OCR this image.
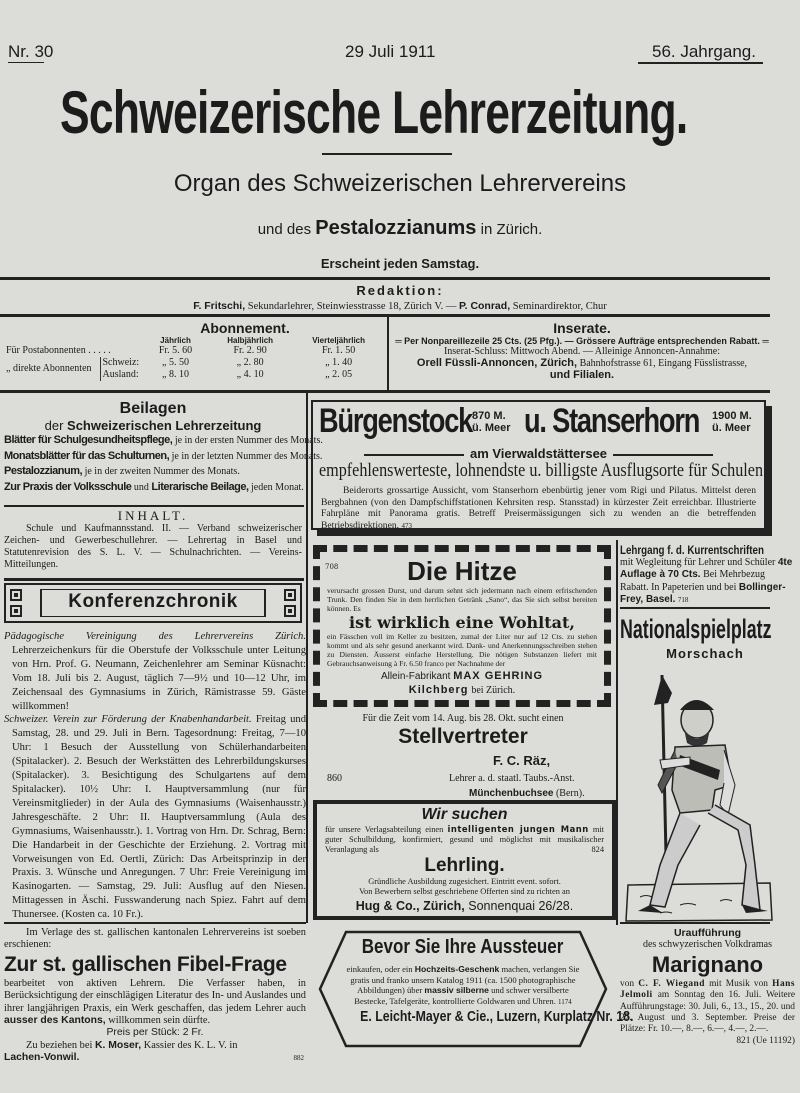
Nr. 30	29 Juli 1911	56. Jahrgang.
Schweizerische Lehrerzeitung.
Organ des Schweizerischen Lehrervereins
und des Pestalozzianums in Zürich.
Erscheint jeden Samstag.
Redaktion:
F. Fritschi, Sekundarlehrer, Steinwiesstrasse 18, Zürich V. — P. Conrad, Seminardirektor, Chur
Abonnement.
		Jährlich	Halbjährlich	Vierteljährlich
Für Postabonnenten . . . . .		Fr. 5. 60	Fr. 2. 90	Fr. 1. 50
„ direkte Abonnenten	Schweiz:	„ 5. 50	„ 2. 80	„ 1. 40
	Ausland:	„ 8. 10	„ 4. 10	„ 2. 05
Inserate.
═ Per Nonpareillezeile 25 Cts. (25 Pfg.). — Grössere Aufträge entsprechenden Rabatt. ═
Inserat-Schluss: Mittwoch Abend. — Alleinige Annoncen-Annahme:
Orell Füssli-Annoncen, Zürich, Bahnhofstrasse 61, Eingang Füsslistrasse,
und Filialen.
Beilagen
der Schweizerischen Lehrerzeitung

Blätter für Schulgesundheitspflege, je in der ersten Nummer des Monats.

Monatsblätter für das Schulturnen, je in der letzten Nummer des Monats.

Pestalozzianum, je in der zweiten Nummer des Monats.

Zur Praxis der Volksschule und Literarische Beilage, jeden Monat.

INHALT.

Schule und Kaufmannsstand. II. — Verband schweizerischer Zeichen- und Gewerbeschullehrer. — Lehrertag in Basel und Statutenrevision des S. L. V. — Schulnachrichten. — Vereins-Mitteilungen.

Konferenzchronik

Pädagogische Vereinigung des Lehrervereins Zürich. Lehrerzeichenkurs für die Oberstufe der Volksschule unter Leitung von Hrn. Prof. G. Neumann, Zeichenlehrer am Seminar Küsnacht: Vom 18. Juli bis 2. August, täglich 7—9½ und 10—12 Uhr, im Zeichensaal des Gymnasiums in Zürich, Rämistrasse 59. Gäste willkommen!

Schweizer. Verein zur Förderung der Knabenhandarbeit. Freitag und Samstag, 28. und 29. Juli in Bern. Tagesordnung: Freitag, 7—10 Uhr: 1 Besuch der Ausstellung von Schülerhandarbeiten (Spitalacker). 2. Besuch der Werkstätten des Lehrerbildungskurses (Spitalacker). 3. Besichtigung des Schulgartens auf dem Spitalacker). 10½ Uhr: I. Hauptversammlung (nur für Vereinsmitglieder) in der Aula des Gymnasiums (Waisenhausstr.) Jahresgeschäfte. 2 Uhr: II. Hauptversammlung (Aula des Gymnasiums, Waisenhausstr.). 1. Vortrag von Hrn. Dr. Schrag, Bern: Die Handarbeit in der Geschichte der Erziehung. 2. Vortrag mit Vorweisungen von Ed. Oertli, Zürich: Das Arbeitsprinzip in der Praxis. 3. Wünsche und Anregungen. 7 Uhr: Freie Vereinigung im Kasinogarten. — Samstag, 29. Juli: Ausflug auf den Niesen. Mittagessen in Äschi. Fusswanderung nach Spiez. Fahrt auf dem Thunersee. (Kosten ca. 10 Fr.).

Im Verlage des st. gallischen kantonalen Lehrervereins ist soeben erschienen:
Zur st. gallischen Fibel-Frage
bearbeitet von aktiven Lehrern. Die Verfasser haben, in Berücksichtigung der einschlägigen Literatur des In- und Auslandes und ihrer langjährigen Praxis, ein Werk geschaffen, das jedem Lehrer auch ausser des Kantons, willkommen sein dürfte.
Preis per Stück: 2 Fr.
Zu beziehen bei K. Moser, Kassier des K. L. V. in
Lachen-Vonwil.	882
Bürgenstock 870 M.
ü. Meer u. Stanserhorn 1900 M.
ü. Meer
am Vierwaldstättersee
empfehlenswerteste, lohnendste u. billigste Ausflugsorte für Schulen

Beiderorts grossartige Aussicht, vom Stanserhorn ebenbürtig jener vom Rigi und Pilatus. Mittelst deren Bergbahnen (von den Dampfschiffstationen Kehrsiten resp. Stansstad) in kürzester Zeit erreichbar. Illustrierte Fahrpläne mit Panorama gratis. Betreff Preisermässigungen sich zu wenden an die betreffenden Betriebsdirektionen. 473

708	Die Hitze
verursacht grossen Durst, und darum sehnt sich jedermann nach einem erfrischenden Trunk. Den finden Sie in dem herrlichen Getränk „Sano“, das Sie sich selbst bereiten können. Es
ist wirklich eine Wohltat,
ein Fässchen voll im Keller zu besitzen, zumal der Liter nur auf 12 Cts. zu stehen kommt und als sehr gesund anerkannt wird. Dank- und Anerkennungsschreiben stehen zu Diensten. Äusserst einfache Herstellung. Die nötigen Substanzen liefert mit Gebrauchsanweisung à Fr. 6.50 franco per Nachnahme der
Allein-Fabrikant MAX GEHRING
Kilchberg bei Zürich.
Für die Zeit vom 14. Aug. bis 28. Okt. sucht einen
Stellvertreter
F. C. Räz,
860	Lehrer a. d. staatl. Taubs.-Anst.
Münchenbuchsee (Bern).
Wir suchen
für unsere Verlagsabteilung einen intelligenten jungen Mann mit guter Schulbildung, konfirmiert, gesund und möglichst mit musikalischer Veranlagung als	824
Lehrling.
Gründliche Ausbildung zugesichert. Eintritt event. sofort.
Von Bewerbern selbst geschriebene Offerten sind zu richten an
Hug & Co., Zürich, Sonnenquai 26/28.
Bevor Sie Ihre Aussteuer
einkaufen, oder ein Hochzeits-Geschenk machen, verlangen Sie gratis und franko unsern Katalog 1911 (ca. 1500 photographische Abbildungen) über massiv silberne und schwer versilberte Bestecke, Tafelgeräte, kontrollierte Goldwaren und Uhren. 1174
E. Leicht-Mayer & Cie., Luzern, Kurplatz Nr. 18.
Lehrgang f. d. Kurrentschriften
mit Wegleitung für Lehrer und Schüler 4te Auflage à 70 Cts. Bei Mehrbezug Rabatt. In Papeterien und bei Bollinger-Frey, Basel. 718
Nationalspielplatz
Morschach
Uraufführung
des schwyzerischen Volkdramas
Marignano
von C. F. Wiegand mit Musik von Hans Jelmoli am Sonntag den 16. Juli. Weitere Aufführungstage: 30. Juli, 6., 13., 15., 20. und 27. August und 3. September. Preise der Plätze: Fr. 10.—, 8.—, 6.—, 4.—, 2.—.
821 (Ue 11192)
